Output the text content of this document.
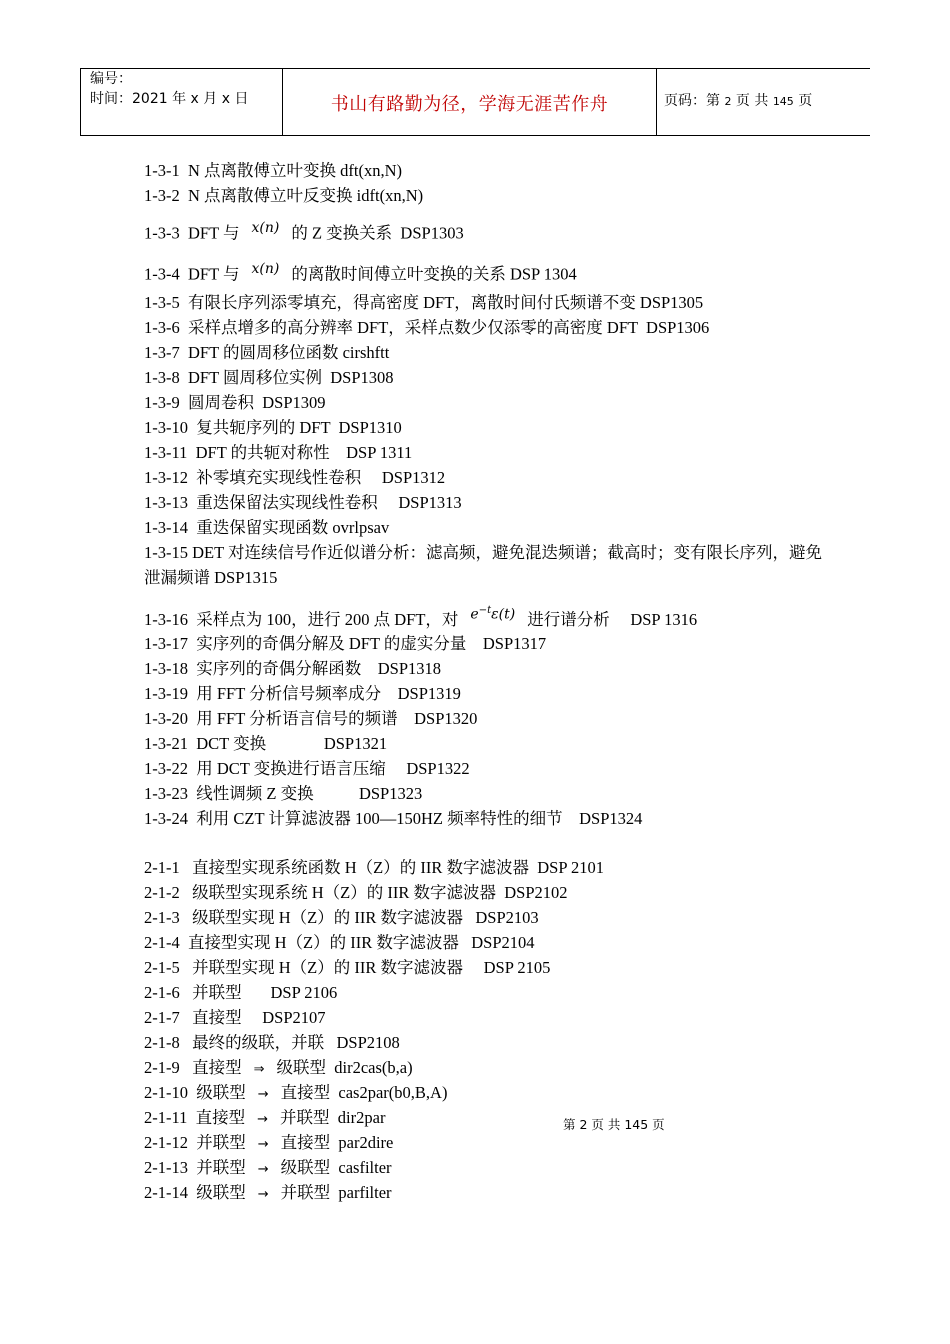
编号：
时间：2021 年 x 月 x 日	书山有路勤为径，学海无涯苦作舟	页码：第 2 页 共 145 页
1-3-1  N 点离散傅立叶变换 dft(xn,N)
1-3-2  N 点离散傅立叶反变换 idft(xn,N)
1-3-3  DFT 与 x(n) 的 Z 变换关系  DSP1303
1-3-4  DFT 与 x(n) 的离散时间傅立叶变换的关系 DSP 1304
1-3-5  有限长序列添零填充，得高密度 DFT，离散时间付氏频谱不变 DSP1305
1-3-6  采样点增多的高分辨率 DFT，采样点数少仅添零的高密度 DFT  DSP1306
1-3-7  DFT 的圆周移位函数 cirshftt
1-3-8  DFT 圆周移位实例  DSP1308
1-3-9  圆周卷积  DSP1309
1-3-10  复共轭序列的 DFT  DSP1310
1-3-11  DFT 的共轭对称性    DSP 1311
1-3-12  补零填充实现线性卷积     DSP1312
1-3-13  重迭保留法实现线性卷积     DSP1313
1-3-14  重迭保留实现函数 ovrlpsav
1-3-15 DET 对连续信号作近似谱分析：滤高频，避免混迭频谱；截高时；变有限长序列，避免泄漏频谱 DSP1315
1-3-16  采样点为 100，进行 200 点 DFT，对 $e^{-t}\varepsilon(t)$ 进行谱分析     DSP 1316
1-3-17  实序列的奇偶分解及 DFT 的虚实分量    DSP1317
1-3-18  实序列的奇偶分解函数    DSP1318
1-3-19  用 FFT 分析信号频率成分    DSP1319
1-3-20  用 FFT 分析语言信号的频谱    DSP1320
1-3-21  DCT 变换              DSP1321
1-3-22  用 DCT 变换进行语言压缩     DSP1322
1-3-23  线性调频 Z 变换           DSP1323
1-3-24  利用 CZT 计算滤波器 100—150HZ 频率特性的细节    DSP1324
2-1-1   直接型实现系统函数 H（Z）的 IIR 数字滤波器  DSP 2101
2-1-2   级联型实现系统 H（Z）的 IIR 数字滤波器  DSP2102
2-1-3   级联型实现 H（Z）的 IIR 数字滤波器   DSP2103
2-1-4  直接型实现 H（Z）的 IIR 数字滤波器   DSP2104
2-1-5   并联型实现 H（Z）的 IIR 数字滤波器     DSP 2105
2-1-6   并联型       DSP 2106
2-1-7   直接型     DSP2107
2-1-8   最终的级联，并联   DSP2108
2-1-9   直接型 ⇒ 级联型  dir2cas(b,a)
2-1-10  级联型 → 直接型  cas2par(b0,B,A)
2-1-11  直接型 → 并联型  dir2par
2-1-12  并联型 → 直接型  par2dire
2-1-13  并联型 → 级联型  casfilter
2-1-14  级联型 → 并联型  parfilter
第 2 页 共 145 页
